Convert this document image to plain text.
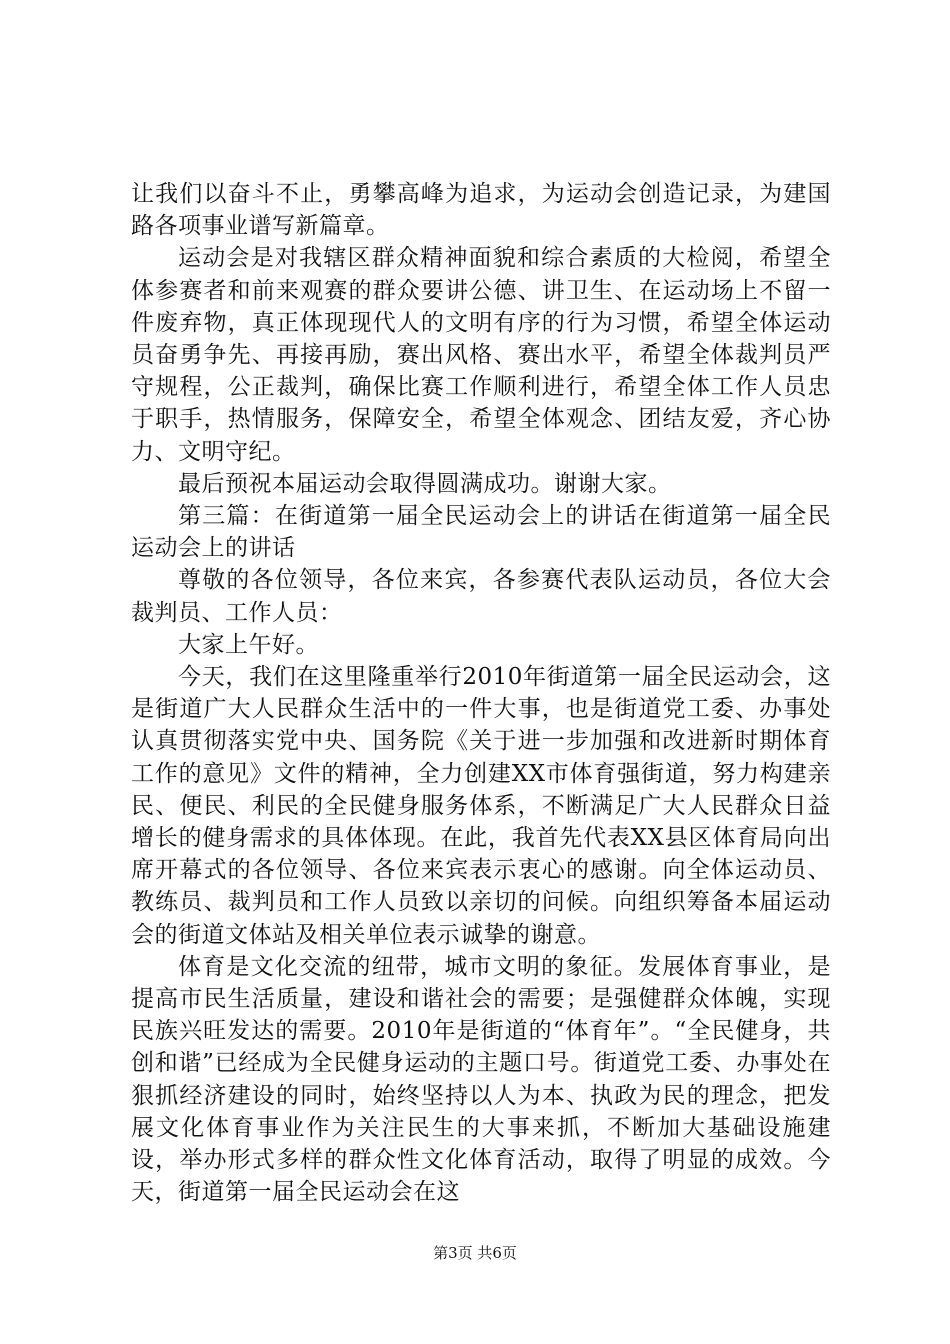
让我们以奋斗不止，勇攀高峰为追求，为运动会创造记录，为建国路各项事业谱写新篇章。

运动会是对我辖区群众精神面貌和综合素质的大检阅，希望全体参赛者和前来观赛的群众要讲公德、讲卫生、在运动场上不留一件废弃物，真正体现现代人的文明有序的行为习惯，希望全体运动员奋勇争先、再接再励，赛出风格、赛出水平，希望全体裁判员严守规程，公正裁判，确保比赛工作顺利进行，希望全体工作人员忠于职手，热情服务，保障安全，希望全体观念、团结友爱，齐心协力、文明守纪。

最后预祝本届运动会取得圆满成功。谢谢大家。

第三篇：在街道第一届全民运动会上的讲话在街道第一届全民运动会上的讲话

尊敬的各位领导，各位来宾，各参赛代表队运动员，各位大会裁判员、工作人员：

大家上午好。

今天，我们在这里隆重举行2010年街道第一届全民运动会，这是街道广大人民群众生活中的一件大事，也是街道党工委、办事处认真贯彻落实党中央、国务院《关于进一步加强和改进新时期体育工作的意见》文件的精神，全力创建XX市体育强街道，努力构建亲民、便民、利民的全民健身服务体系，不断满足广大人民群众日益增长的健身需求的具体体现。在此，我首先代表XX县区体育局向出席开幕式的各位领导、各位来宾表示衷心的感谢。向全体运动员、教练员、裁判员和工作人员致以亲切的问候。向组织筹备本届运动会的街道文体站及相关单位表示诚挚的谢意。

体育是文化交流的纽带，城市文明的象征。发展体育事业，是提高市民生活质量，建设和谐社会的需要；是强健群众体魄，实现民族兴旺发达的需要。2010年是街道的“体育年”。“全民健身，共创和谐”已经成为全民健身运动的主题口号。街道党工委、办事处在狠抓经济建设的同时，始终坚持以人为本、执政为民的理念，把发展文化体育事业作为关注民生的大事来抓，不断加大基础设施建设，举办形式多样的群众性文化体育活动，取得了明显的成效。今天，街道第一届全民运动会在这

第3页 共6页
